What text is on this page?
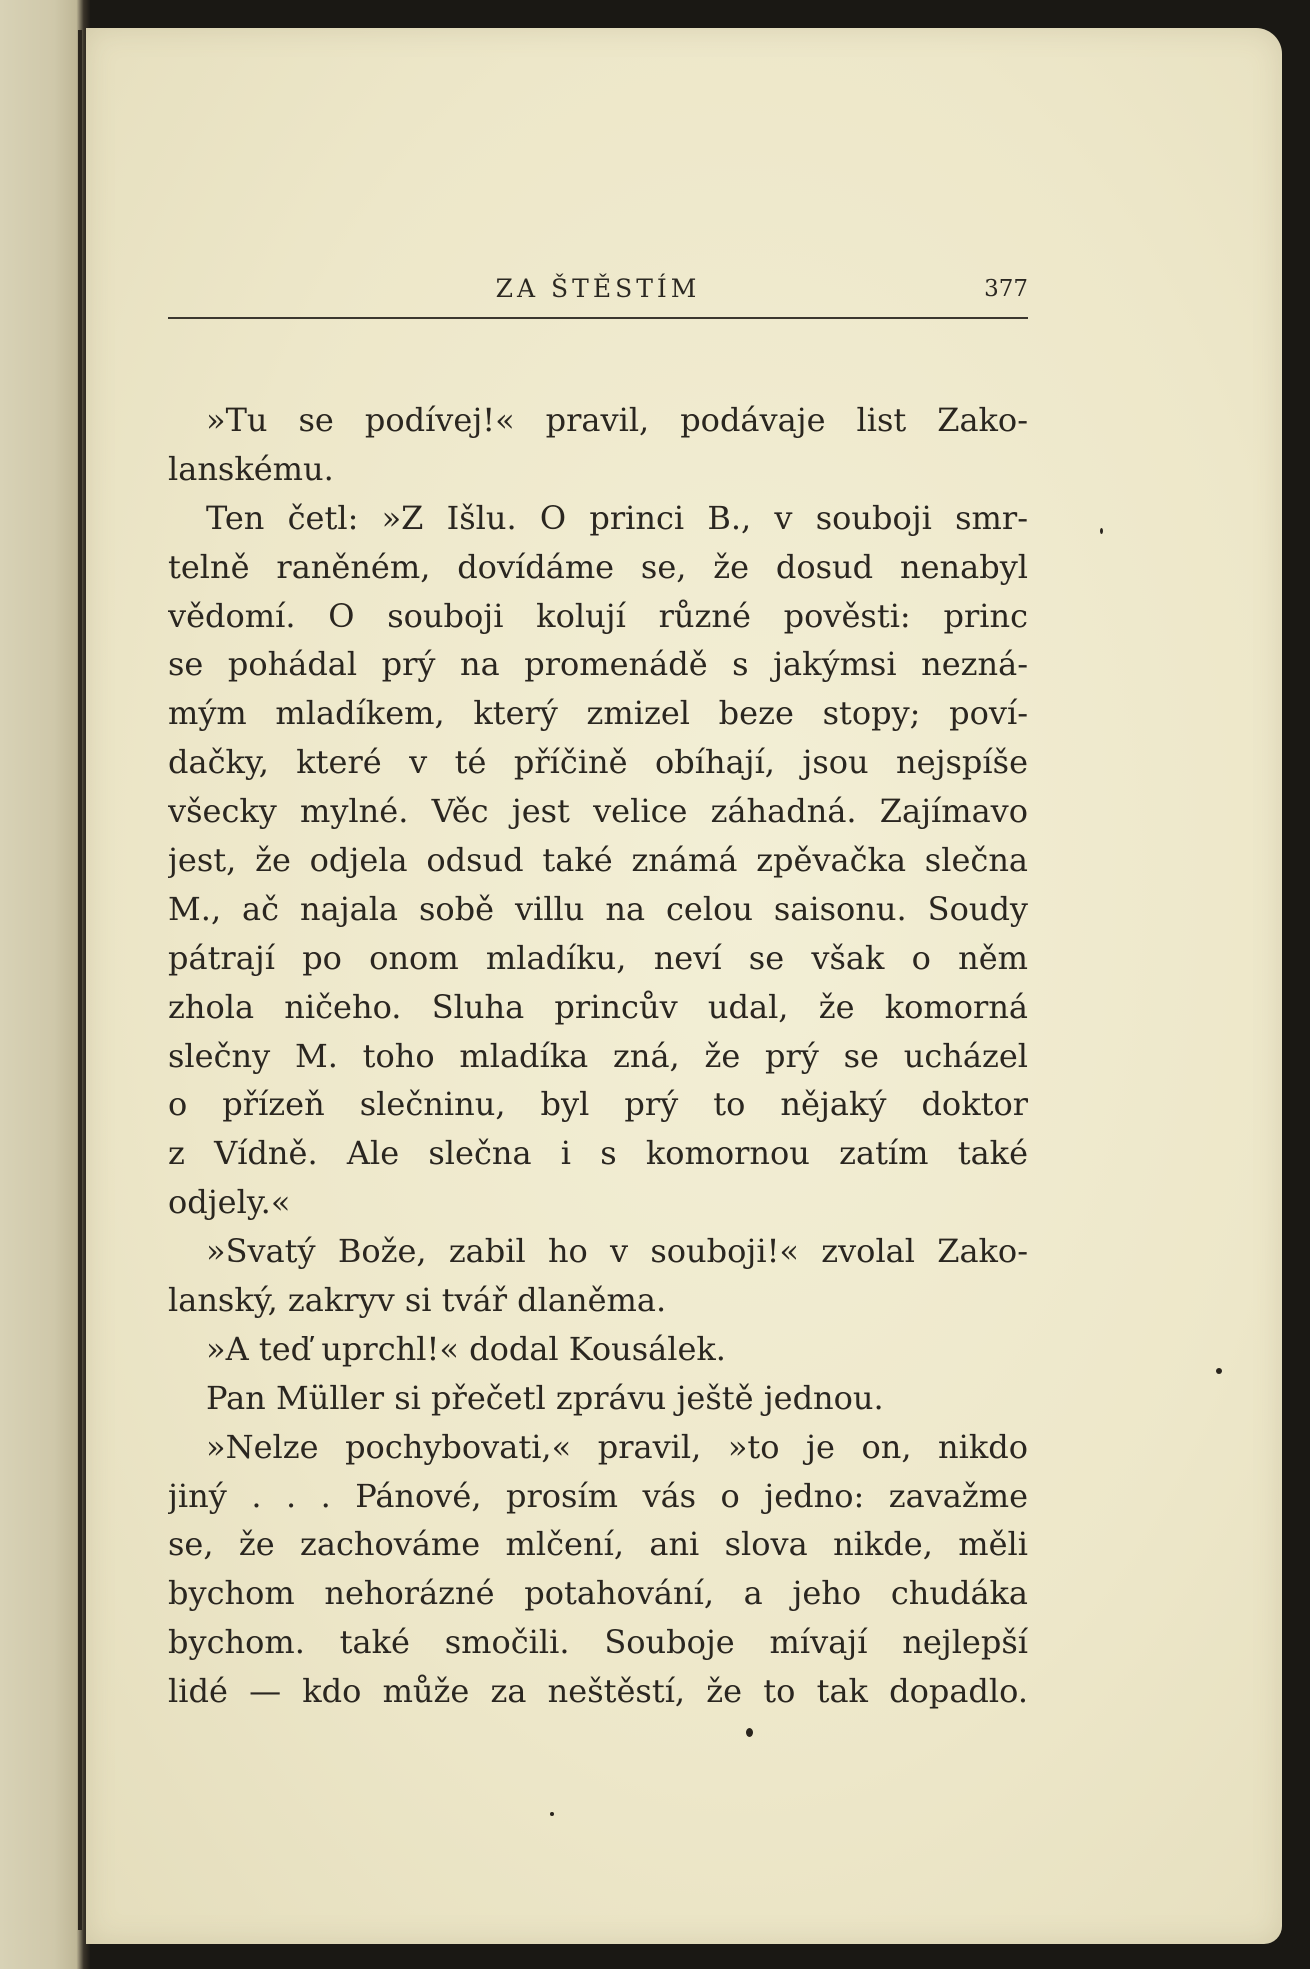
ZA ŠTĚSTÍM	377
»Tu se podívej!« pravil, podávaje list Zako-
lanskému.
Ten četl: »Z Išlu. O princi B., v souboji smr-
telně raněném, dovídáme se, že dosud nenabyl
vědomí. O souboji kolují různé pověsti: princ
se pohádal prý na promenádě s jakýmsi nezná-
mým mladíkem, který zmizel beze stopy; poví-
dačky, které v té příčině obíhají, jsou nejspíše
všecky mylné. Věc jest velice záhadná. Zajímavo
jest, že odjela odsud také známá zpěvačka slečna
M., ač najala sobě villu na celou saisonu. Soudy
pátrají po onom mladíku, neví se však o něm
zhola ničeho. Sluha princův udal, že komorná
slečny M. toho mladíka zná, že prý se ucházel
o přízeň slečninu, byl prý to nějaký doktor
z Vídně. Ale slečna i s komornou zatím také
odjely.«
»Svatý Bože, zabil ho v souboji!« zvolal Zako-
lanský, zakryv si tvář dlaněma.
»A teď uprchl!« dodal Kousálek.
Pan Müller si přečetl zprávu ještě jednou.
»Nelze pochybovati,« pravil, »to je on, nikdo
jiný . . . Pánové, prosím vás o jedno: zavažme
se, že zachováme mlčení, ani slova nikde, měli
bychom nehorázné potahování, a jeho chudáka
bychom. také smočili. Souboje mívají nejlepší
lidé — kdo může za neštěstí, že to tak dopadlo.
